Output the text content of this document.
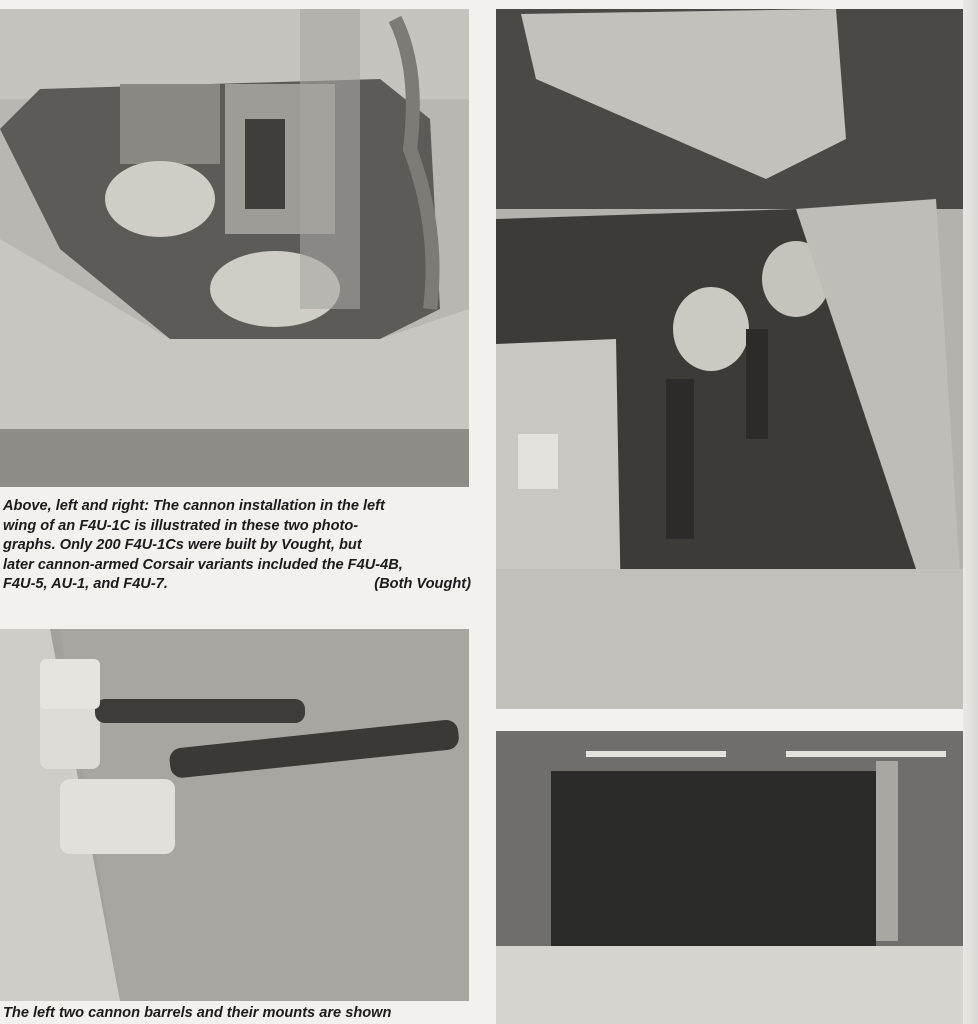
Above, left and right: The cannon installation in the left
wing of an F4U-1C is illustrated in these two photo-
graphs. Only 200 F4U-1Cs were built by Vought, but
later cannon-armed Corsair variants included the F4U-4B,
F4U-5, AU-1, and F4U-7.	(Both Vought)
The left two cannon barrels and their mounts are shown
